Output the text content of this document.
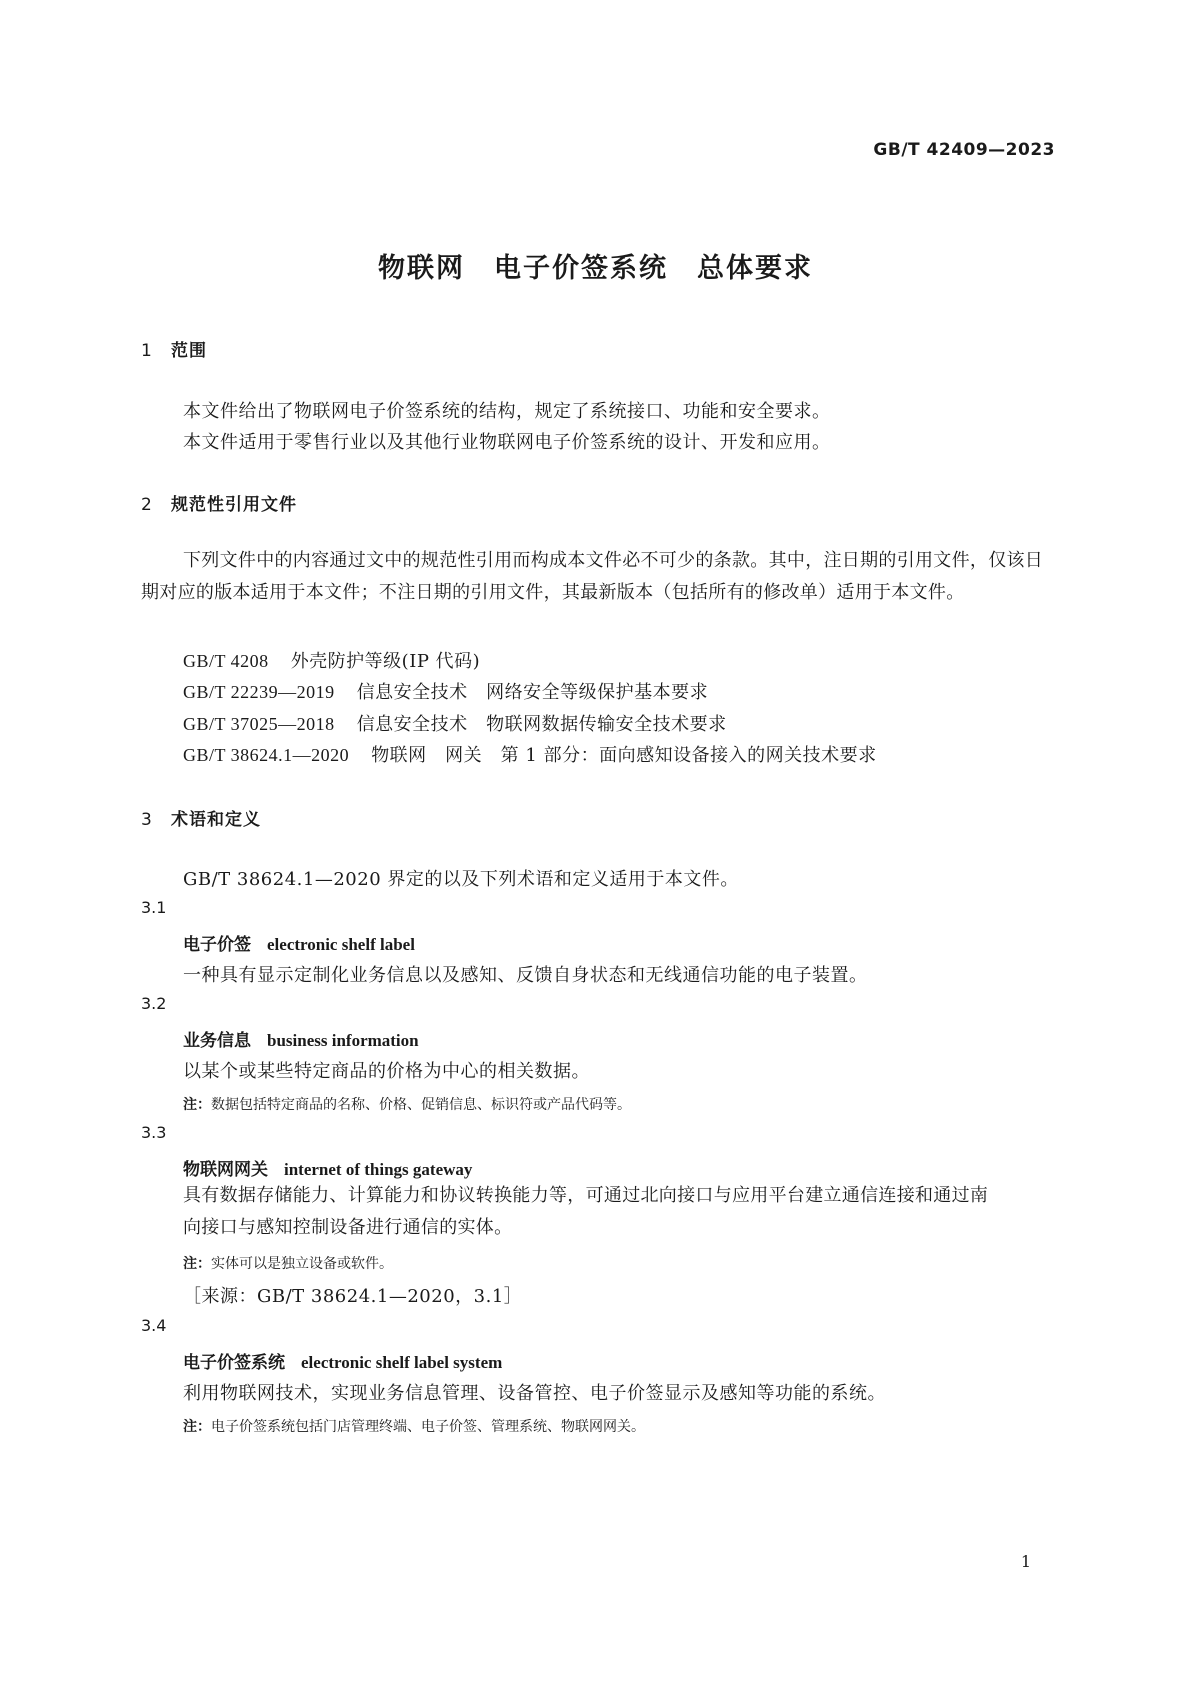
GB/T 42409—2023
物联网　电子价签系统　总体要求
1 范围
本文件给出了物联网电子价签系统的结构，规定了系统接口、功能和安全要求。
本文件适用于零售行业以及其他行业物联网电子价签系统的设计、开发和应用。
2 规范性引用文件
下列文件中的内容通过文中的规范性引用而构成本文件必不可少的条款。其中，注日期的引用文件，仅该日期对应的版本适用于本文件；不注日期的引用文件，其最新版本（包括所有的修改单）适用于本文件。
GB/T 4208 外壳防护等级(IP 代码)
GB/T 22239—2019 信息安全技术　网络安全等级保护基本要求
GB/T 37025—2018 信息安全技术　物联网数据传输安全技术要求
GB/T 38624.1—2020 物联网　网关　第 1 部分：面向感知设备接入的网关技术要求
3 术语和定义
GB/T 38624.1—2020 界定的以及下列术语和定义适用于本文件。
3.1
电子价签 electronic shelf label
一种具有显示定制化业务信息以及感知、反馈自身状态和无线通信功能的电子装置。
3.2
业务信息 business information
以某个或某些特定商品的价格为中心的相关数据。
注：数据包括特定商品的名称、价格、促销信息、标识符或产品代码等。
3.3
物联网网关 internet of things gateway
具有数据存储能力、计算能力和协议转换能力等，可通过北向接口与应用平台建立通信连接和通过南向接口与感知控制设备进行通信的实体。
注：实体可以是独立设备或软件。
［来源：GB/T 38624.1—2020，3.1］
3.4
电子价签系统 electronic shelf label system
利用物联网技术，实现业务信息管理、设备管控、电子价签显示及感知等功能的系统。
注：电子价签系统包括门店管理终端、电子价签、管理系统、物联网网关。
1
